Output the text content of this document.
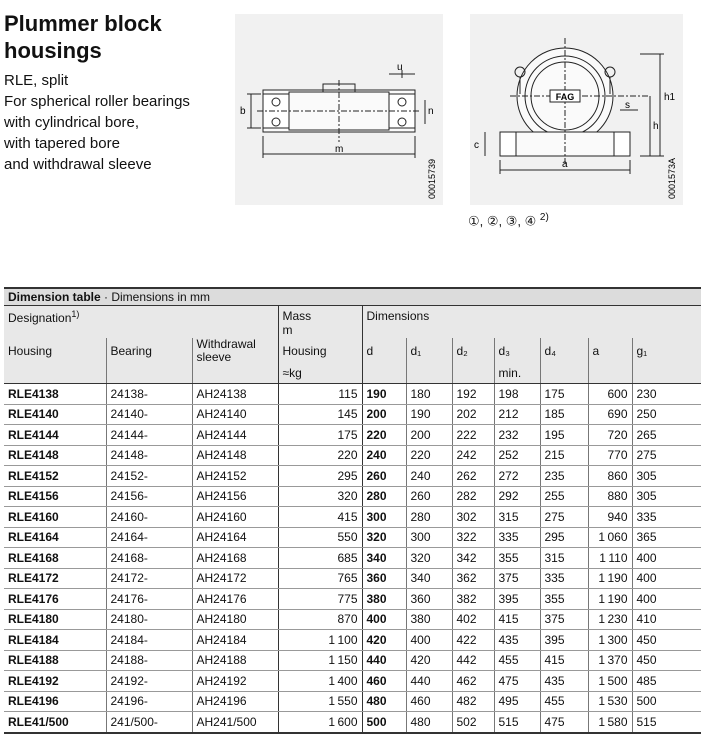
Plummer block
housings
RLE, split
For spherical roller bearings
with cylindrical bore,
with tapered bore
and withdrawal sleeve
u
n
b
m
00015739
FAG	h1
h
c
s
a	0001573A
①, ②, ③, ④ $^{2)}$
Dimension table · Dimensions in mm										
Designation$^{1)}$			Mass
m	Dimensions						
Housing	Bearing	Withdrawal sleeve	Housing	d	d₁	d₂	d₃	d₄	a	g₁
			≈kg				min.			
RLE4138	24138-	AH24138	115	190	180	192	198	175	600	230
RLE4140	24140-	AH24140	145	200	190	202	212	185	690	250
RLE4144	24144-	AH24144	175	220	200	222	232	195	720	265
RLE4148	24148-	AH24148	220	240	220	242	252	215	770	275
RLE4152	24152-	AH24152	295	260	240	262	272	235	860	305
RLE4156	24156-	AH24156	320	280	260	282	292	255	880	305
RLE4160	24160-	AH24160	415	300	280	302	315	275	940	335
RLE4164	24164-	AH24164	550	320	300	322	335	295	1 060	365
RLE4168	24168-	AH24168	685	340	320	342	355	315	1 110	400
RLE4172	24172-	AH24172	765	360	340	362	375	335	1 190	400
RLE4176	24176-	AH24176	775	380	360	382	395	355	1 190	400
RLE4180	24180-	AH24180	870	400	380	402	415	375	1 230	410
RLE4184	24184-	AH24184	1 100	420	400	422	435	395	1 300	450
RLE4188	24188-	AH24188	1 150	440	420	442	455	415	1 370	450
RLE4192	24192-	AH24192	1 400	460	440	462	475	435	1 500	485
RLE4196	24196-	AH24196	1 550	480	460	482	495	455	1 530	500
RLE41/500	241/500-	AH241/500	1 600	500	480	502	515	475	1 580	515
